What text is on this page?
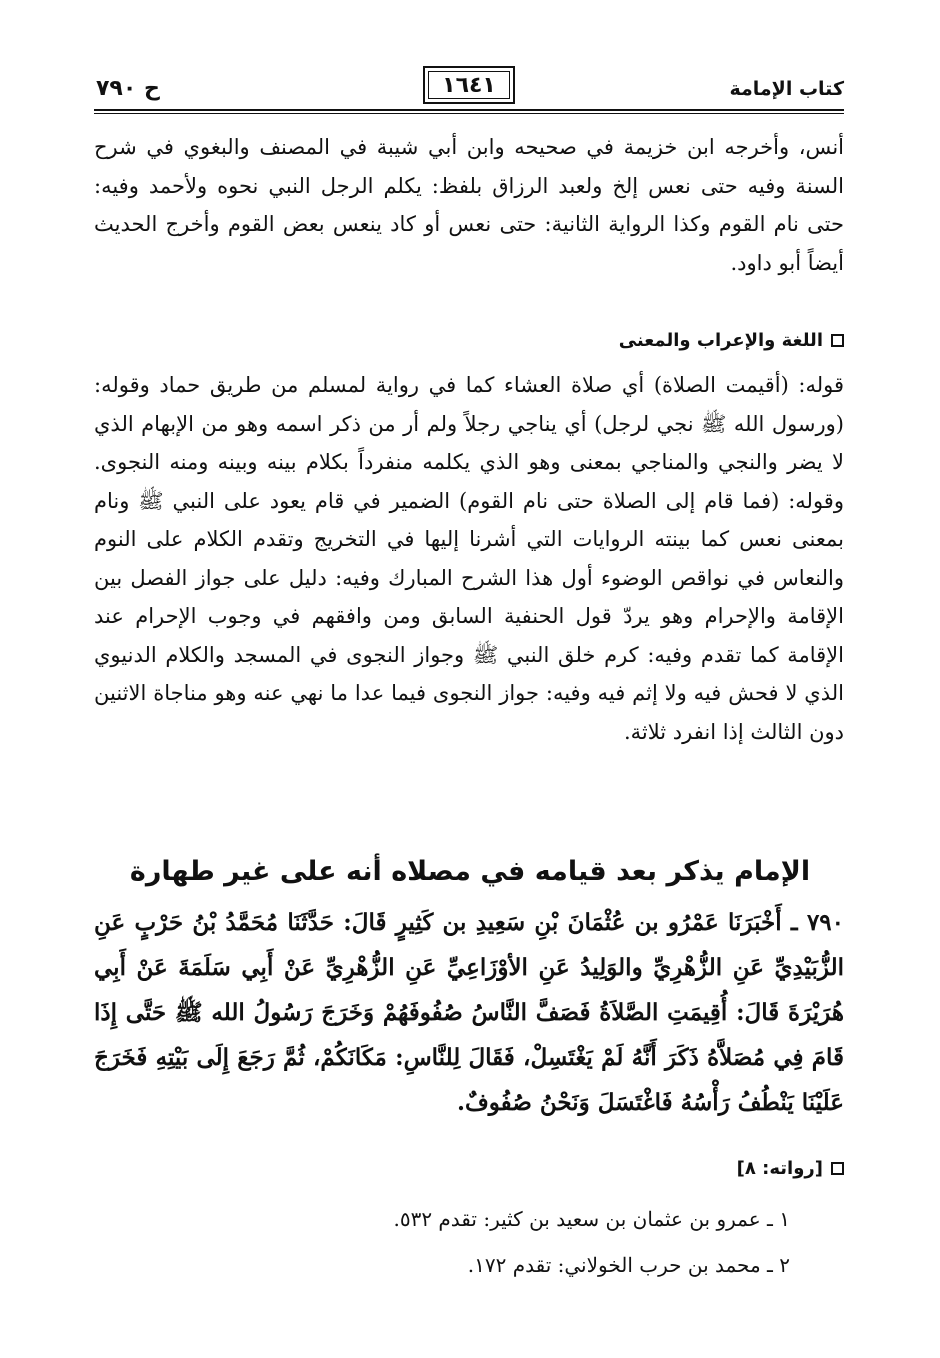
كتاب الإمامة
١٦٤١
ح ٧٩٠
أنس، وأخرجه ابن خزيمة في صحيحه وابن أبي شيبة في المصنف والبغوي في شرح السنة وفيه حتى نعس إلخ ولعبد الرزاق بلفظ: يكلم الرجل النبي نحوه ولأحمد وفيه: حتى نام القوم وكذا الرواية الثانية: حتى نعس أو كاد ينعس بعض القوم وأخرج الحديث أيضاً أبو داود.
اللغة والإعراب والمعنى
قوله: (أقيمت الصلاة) أي صلاة العشاء كما في رواية لمسلم من طريق حماد وقوله: (ورسول الله ﷺ نجي لرجل) أي يناجي رجلاً ولم أر من ذكر اسمه وهو من الإبهام الذي لا يضر والنجي والمناجي بمعنى وهو الذي يكلمه منفرداً بكلام بينه وبينه ومنه النجوى. وقوله: (فما قام إلى الصلاة حتى نام القوم) الضمير في قام يعود على النبي ﷺ ونام بمعنى نعس كما بينته الروايات التي أشرنا إليها في التخريج وتقدم الكلام على النوم والنعاس في نواقص الوضوء أول هذا الشرح المبارك وفيه: دليل على جواز الفصل بين الإقامة والإحرام وهو يردّ قول الحنفية السابق ومن وافقهم في وجوب الإحرام عند الإقامة كما تقدم وفيه: كرم خلق النبي ﷺ وجواز النجوى في المسجد والكلام الدنيوي الذي لا فحش فيه ولا إثم فيه وفيه: جواز النجوى فيما عدا ما نهي عنه وهو مناجاة الاثنين دون الثالث إذا انفرد ثلاثة.
الإمام يذكر بعد قيامه في مصلاه أنه على غير طهارة
٧٩٠ ـ أَخْبَرَنَا عَمْرُو بن عُثْمَانَ بْنِ سَعِيدِ بن كَثِيرٍ قَالَ: حَدَّثَنَا مُحَمَّدُ بْنُ حَرْبٍ عَنِ الزُّبَيْدِيِّ عَنِ الزُّهْرِيِّ والوَلِيدُ عَنِ الأوْزَاعِيِّ عَنِ الزُّهْرِيِّ عَنْ أَبِي سَلَمَةَ عَنْ أَبِي هُرَيْرَةَ قَالَ: أُقِيمَتِ الصَّلاَةُ فَصَفَّ النَّاسُ صُفُوفَهُمْ وَخَرَجَ رَسُولُ الله ﷺ حَتَّى إِذَا قَامَ فِي مُصَلاَّهُ ذَكَرَ أَنَّهُ لَمْ يَغْتَسِلْ، فَقَالَ لِلنَّاسِ: مَكَانَكُمْ، ثُمَّ رَجَعَ إِلَى بَيْتِهِ فَخَرَجَ عَلَيْنَا يَنْطُفُ رَأْسُهُ فَاغْتَسَلَ وَنَحْنُ صُفُوفٌ.
[رواته: ٨]
١ ـ عمرو بن عثمان بن سعيد بن كثير: تقدم ٥٣٢.
٢ ـ محمد بن حرب الخولاني: تقدم ١٧٢.
